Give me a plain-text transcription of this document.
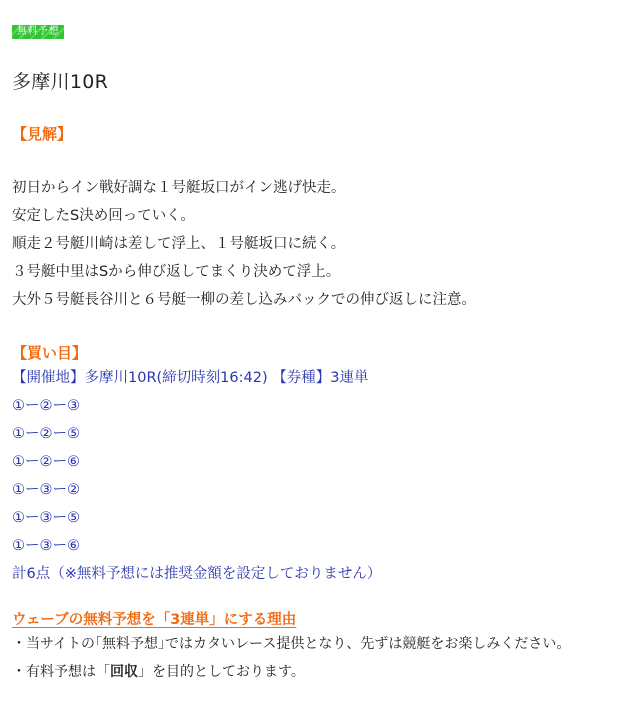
無料予想
多摩川10R
【見解】
初日からイン戦好調な１号艇坂口がイン逃げ快走。
安定したS決め回っていく。
順走２号艇川崎は差して浮上、１号艇坂口に続く。
３号艇中里はSから伸び返してまくり決めて浮上。
大外５号艇長谷川と６号艇一柳の差し込みバックでの伸び返しに注意。
【買い目】
【開催地】多摩川10R(締切時刻16:42) 【券種】3連単
①ー②ー③
①ー②ー⑤
①ー②ー⑥
①ー③ー②
①ー③ー⑤
①ー③ー⑥
計6点（※無料予想には推奨金額を設定しておりません）
ウェーブの無料予想を「3連単」にする理由
・当サイトの｢無料予想｣ではカタいレース提供となり、先ずは競艇をお楽しみください。
・有料予想は「回収」を目的としております。
